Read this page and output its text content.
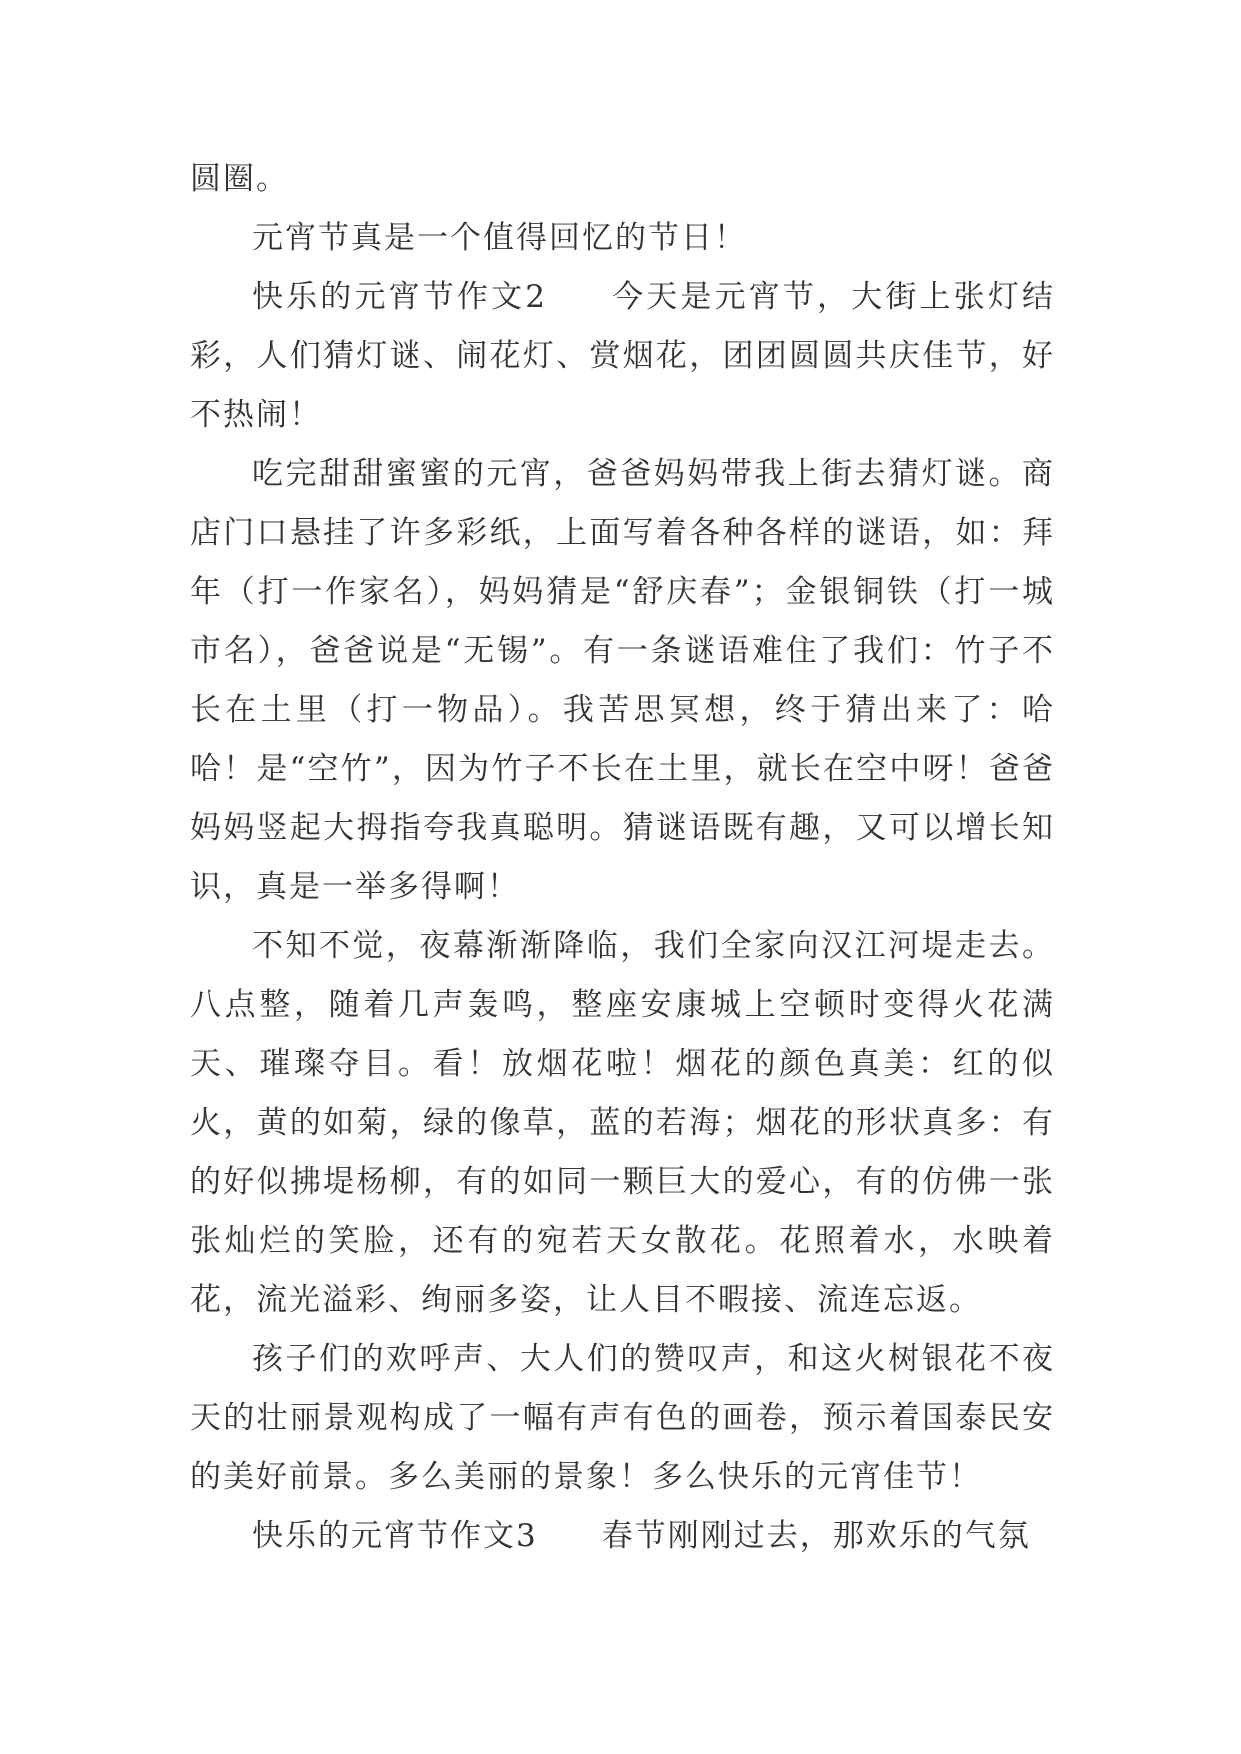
圆圈。

元宵节真是一个值得回忆的节日！

快乐的元宵节作文2 今天是元宵节，大街上张灯结彩，人们猜灯谜、闹花灯、赏烟花，团团圆圆共庆佳节，好不热闹！

吃完甜甜蜜蜜的元宵，爸爸妈妈带我上街去猜灯谜。商店门口悬挂了许多彩纸，上面写着各种各样的谜语，如：拜年（打一作家名），妈妈猜是“舒庆春”；金银铜铁（打一城市名），爸爸说是“无锡”。有一条谜语难住了我们：竹子不长在土里（打一物品）。我苦思冥想，终于猜出来了：哈哈！是“空竹”，因为竹子不长在土里，就长在空中呀！爸爸妈妈竖起大拇指夸我真聪明。猜谜语既有趣，又可以增长知识，真是一举多得啊！

不知不觉，夜幕渐渐降临，我们全家向汉江河堤走去。八点整，随着几声轰鸣，整座安康城上空顿时变得火花满天、璀璨夺目。看！放烟花啦！烟花的颜色真美：红的似火，黄的如菊，绿的像草，蓝的若海；烟花的形状真多：有的好似拂堤杨柳，有的如同一颗巨大的爱心，有的仿佛一张张灿烂的笑脸，还有的宛若天女散花。花照着水，水映着花，流光溢彩、绚丽多姿，让人目不暇接、流连忘返。

孩子们的欢呼声、大人们的赞叹声，和这火树银花不夜天的壮丽景观构成了一幅有声有色的画卷，预示着国泰民安的美好前景。多么美丽的景象！多么快乐的元宵佳节！

快乐的元宵节作文3 春节刚刚过去，那欢乐的气氛
